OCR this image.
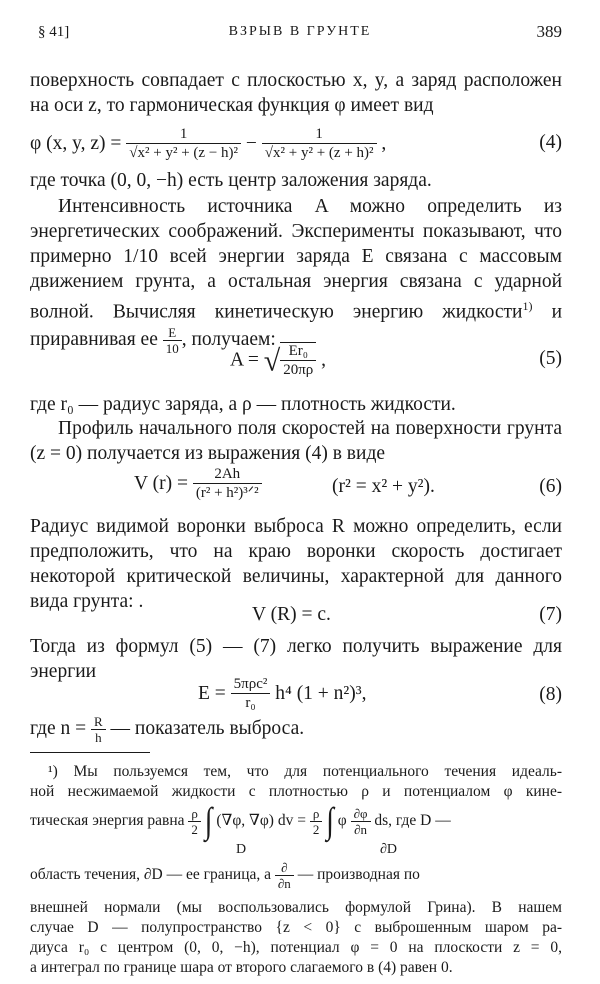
§ 41]	ВЗРЫВ В ГРУНТЕ	389

поверхность совпадает с плоскостью x, y, а заряд расположен на оси z, то гармоническая функция φ имеет вид

φ (x, y, $z) = \frac{1}{\text{√x² + y² + (z − h)²}} - \frac{1}{\text{√x² + y² + (z + h)²}}$ ,	(4)

где точка (0, 0, −h) есть центр заложения заряда.

Интенсивность источника A можно определить из энергетических соображений. Эксперименты показывают, что примерно 1/10 всей энергии заряда E связана с массовым движением грунта, а остальная энергия связана с ударной волной. Вычисляя кинетическую энергию жидкости$^{1)}$ и приравнивая ее $\frac{E}{10}$ , получаем:

A = √ $\frac{\text{Er₀}}{20\pi\rho}$ ,	(5)

где r₀ — радиус заряда, а ρ — плотность жидкости.

Профиль начального поля скоростей на поверхности грунта (z = 0) получается из выражения (4) в виде

V $(r) = \frac{2Ah}{\text{(r² + h²)³ᐟ²}}$	(r² = x² + y²).	(6)

Радиус видимой воронки выброса R можно определить, если предположить, что на краю воронки скорость достигает некоторой критической величины, характерной для данного вида грунта: .

V (R) = c.	(7)

Тогда из формул (5) — (7) легко получить выражение для энергии

$E = \frac{\text{5πρc²}}{\text{r₀}} h^4$ (1 + n²)³,	(8)
где $n = \frac{R}{h}$ — показатель выброса.
¹) Мы пользуемся тем, что для потенциального течения идеаль-
ной несжимаемой жидкости с плотностью ρ и потенциалом φ кине-
тическая энергия равна $\frac{\rho}{2}$ ∫ (∇φ, ∇φ) dv = $\frac{\rho}{2}$ ∫ φ $\frac{\partial\varphi}{\partial n}$ ds, где D —
D	∂D
область течения, ∂D — ее граница, а $\frac{\partial}{\partial n}$ — производная по
внешней нормали (мы воспользовались формулой Грина). В нашем
случае D — полупространство {z < 0} с выброшенным шаром ра-
диуса r₀ с центром (0, 0, −h), потенциал φ = 0 на плоскости z = 0,
а интеграл по границе шара от второго слагаемого в (4) равен 0.
